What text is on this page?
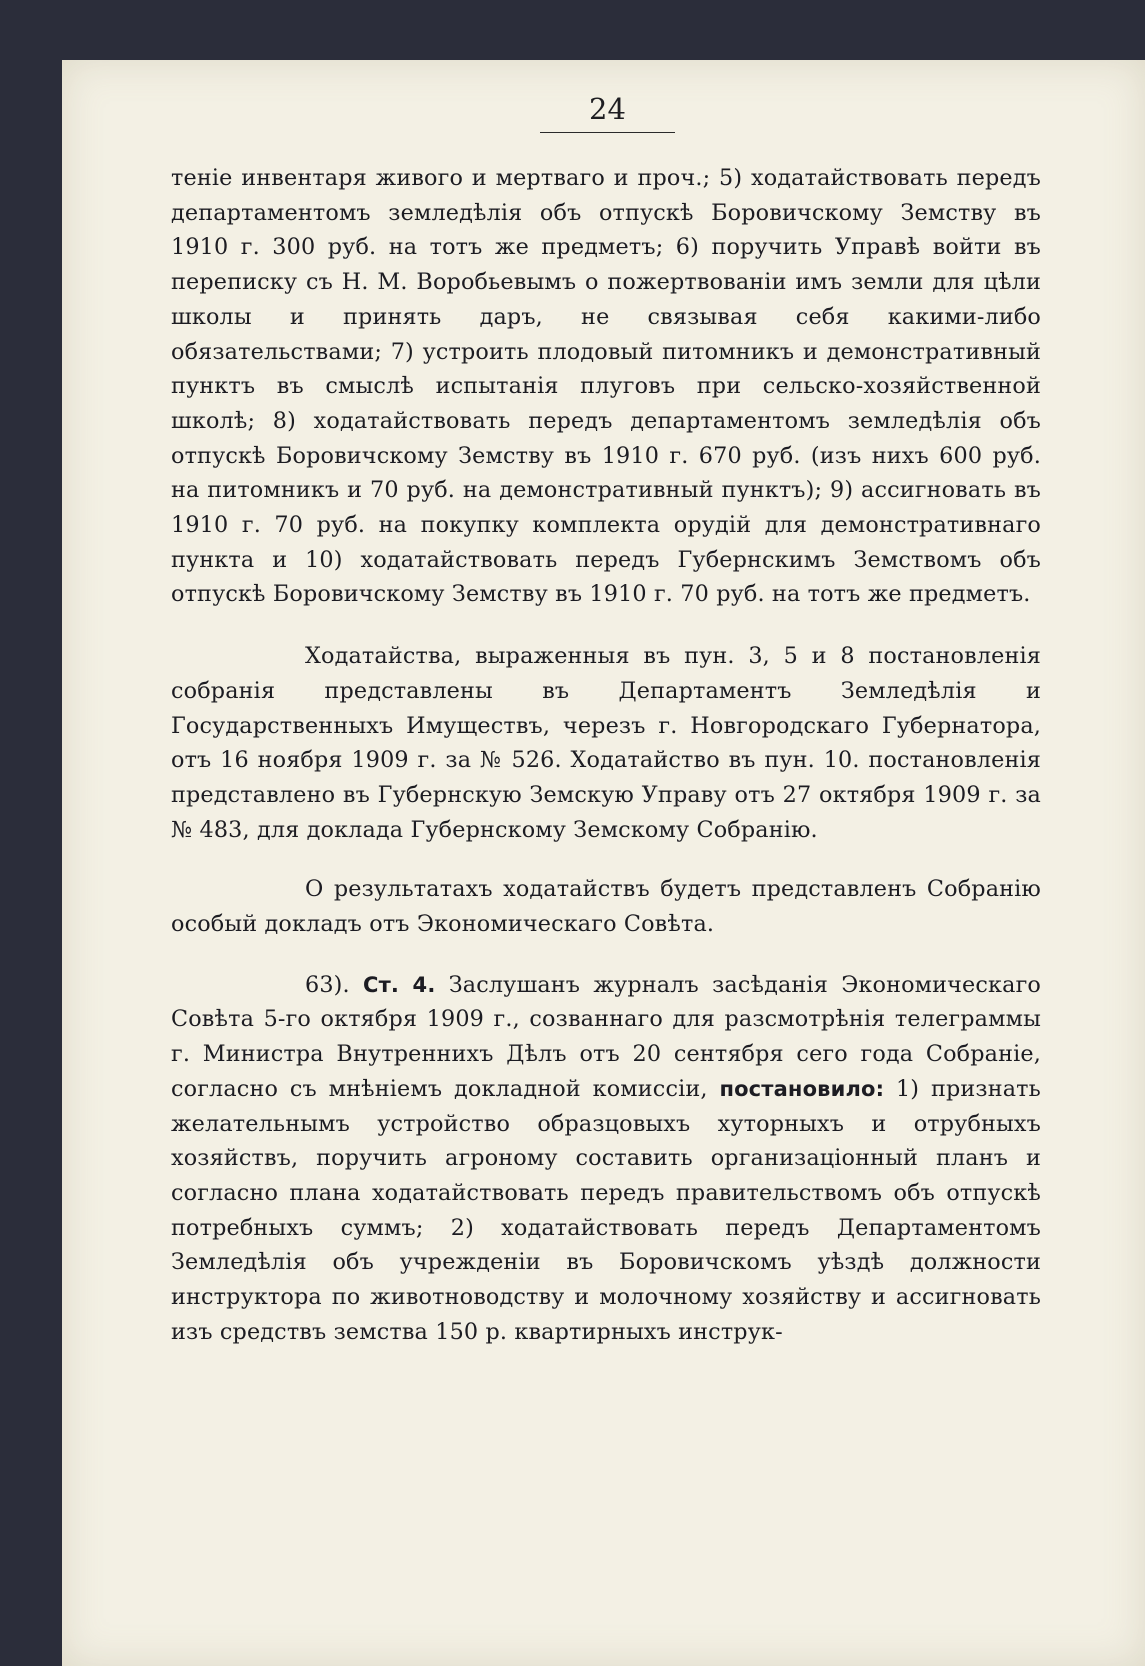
24

теніе инвентаря живого и мертваго и проч.; 5) ходатайствовать передъ департаментомъ земледѣлія объ отпускѣ Боровичскому Земству въ 1910 г. 300 руб. на тотъ же предметъ; 6) поручить Управѣ войти въ переписку съ Н. М. Воробьевымъ о пожертвованіи имъ земли для цѣли школы и принять даръ, не связывая себя какими-либо обязательствами; 7) устроить плодовый питомникъ и демонстративный пунктъ въ смыслѣ испытанія плуговъ при сельско-хозяйственной школѣ; 8) ходатайствовать передъ департаментомъ земледѣлія объ отпускѣ Боровичскому Земству въ 1910 г. 670 руб. (изъ нихъ 600 руб. на питомникъ и 70 руб. на демонстративный пунктъ); 9) ассигновать въ 1910 г. 70 руб. на покупку комплекта орудій для демонстративнаго пункта и 10) ходатайствовать передъ Губернскимъ Земствомъ объ отпускѣ Боровичскому Земству въ 1910 г. 70 руб. на тотъ же предметъ.

Ходатайства, выраженныя въ пун. 3, 5 и 8 постановленія собранія представлены въ Департаментъ Земледѣлія и Государственныхъ Имуществъ, черезъ г. Новгородскаго Губернатора, отъ 16 ноября 1909 г. за № 526. Ходатайство въ пун. 10. постановленія представлено въ Губернскую Земскую Управу отъ 27 октября 1909 г. за № 483, для доклада Губернскому Земскому Собранію.

О результатахъ ходатайствъ будетъ представленъ Собранію особый докладъ отъ Экономическаго Совѣта.

63). Ст. 4. Заслушанъ журналъ засѣданія Экономическаго Совѣта 5-го октября 1909 г., созваннаго для разсмотрѣнія телеграммы г. Министра Внутреннихъ Дѣлъ отъ 20 сентября сего года Собраніе, согласно съ мнѣніемъ докладной комиссіи, постановило: 1) признать желательнымъ устройство образцовыхъ хуторныхъ и отрубныхъ хозяйствъ, поручить агроному составить организаціонный планъ и согласно плана ходатайствовать передъ правительствомъ объ отпускѣ потребныхъ суммъ; 2) ходатайствовать передъ Департаментомъ Земледѣлія объ учрежденіи въ Боровичскомъ уѣздѣ должности инструктора по животноводству и молочному хозяйству и ассигновать изъ средствъ земства 150 р. квартирныхъ инструк-
